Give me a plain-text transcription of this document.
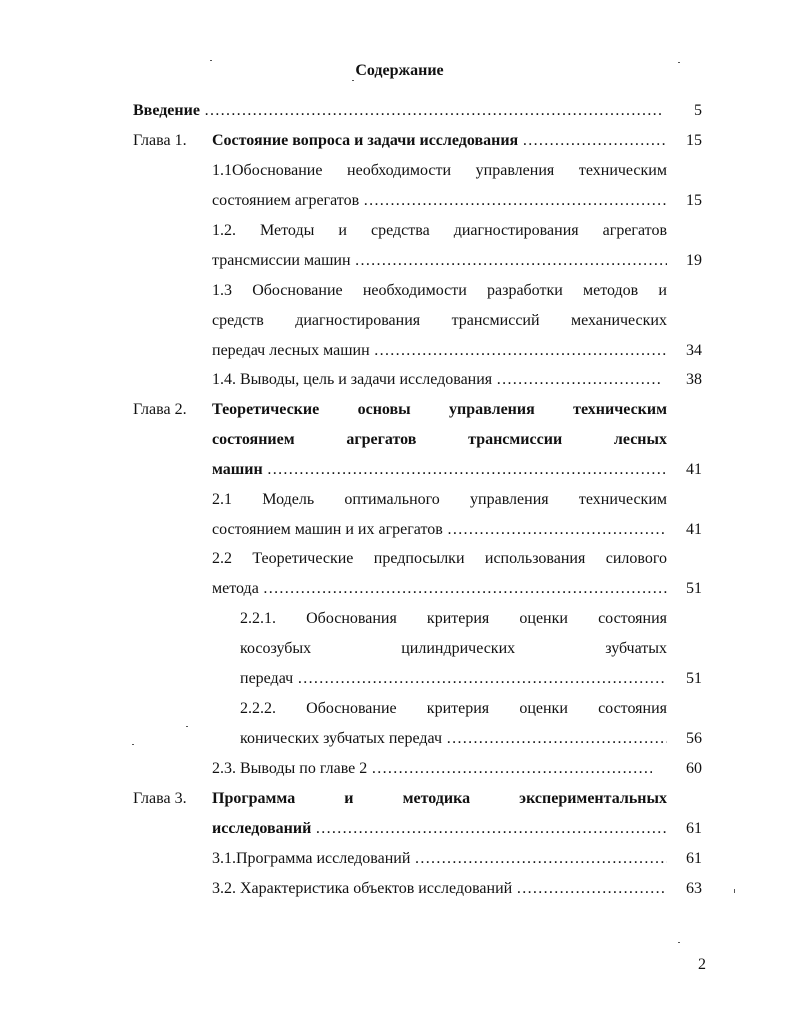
Содержание
Введение ………………………………………………………………………………………………………………………………	5
Глава 1. Состояние вопроса и задачи исследования ………………………………………………………………………………………………………………………………	15
1.1Обоснование необходимости управления техническим
состоянием агрегатов ………………………………………………………………………………………………………………………………	15
1.2. Методы и средства диагностирования агрегатов
трансмиссии машин ………………………………………………………………………………………………………………………………	19
1.3 Обоснование необходимости разработки методов и
средств диагностирования трансмиссий механических
передач лесных машин ………………………………………………………………………………………………………………………………	34
1.4. Выводы, цель и задачи исследования ………………………………………………………………………………………………………………………………	38
Глава 2. Теоретические основы управления техническим
состоянием агрегатов трансмиссии лесных
машин ………………………………………………………………………………………………………………………………	41
2.1 Модель оптимального управления техническим
состоянием машин и их агрегатов ………………………………………………………………………………………………………………………………	41
2.2 Теоретические предпосылки использования силового
метода ………………………………………………………………………………………………………………………………	51
2.2.1. Обоснования критерия оценки состояния
косозубых цилиндрических зубчатых
передач ………………………………………………………………………………………………………………………………	51
2.2.2. Обоснование критерия оценки состояния
конических зубчатых передач ………………………………………………………………………………………………………………………………	56
2.3. Выводы по главе 2 ………………………………………………………………………………………………………………………………	60
Глава 3. Программа и методика экспериментальных
исследований ………………………………………………………………………………………………………………………………	61
3.1.Программа исследований ………………………………………………………………………………………………………………………………	61
3.2. Характеристика объектов исследований ………………………………………………………………………………………………………………………………	63
2
